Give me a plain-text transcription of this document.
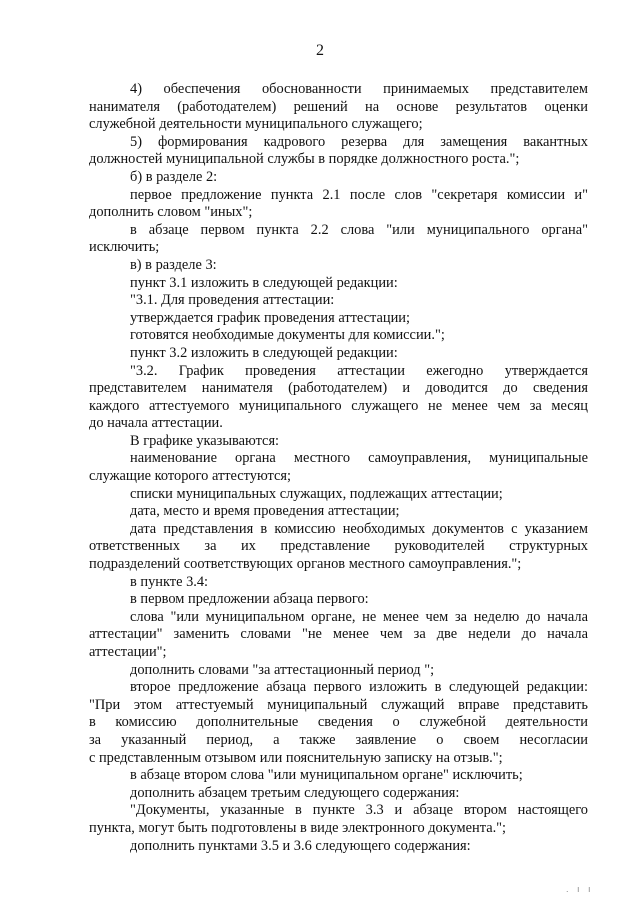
2

4) обеспечения обоснованности принимаемых представителем

нанимателя (работодателем) решений на основе результатов оценки

служебной деятельности муниципального служащего;

5) формирования кадрового резерва для замещения вакантных

должностей муниципальной службы в порядке должностного роста.";

б) в разделе 2:

первое предложение пункта 2.1 после слов "секретаря комиссии и"

дополнить словом "иных";

в абзаце первом пункта 2.2 слова "или муниципального органа"

исключить;

в) в разделе 3:

пункт 3.1 изложить в следующей редакции:

"3.1. Для проведения аттестации:

утверждается график проведения аттестации;

готовятся необходимые документы для комиссии.";

пункт 3.2 изложить в следующей редакции:

"3.2. График проведения аттестации ежегодно утверждается

представителем нанимателя (работодателем) и доводится до сведения

каждого аттестуемого муниципального служащего не менее чем за месяц

до начала аттестации.

В графике указываются:

наименование органа местного самоуправления, муниципальные

служащие которого аттестуются;

списки муниципальных служащих, подлежащих аттестации;

дата, место и время проведения аттестации;

дата представления в комиссию необходимых документов с указанием

ответственных за их представление руководителей структурных

подразделений соответствующих органов местного самоуправления.";

в пункте 3.4:

в первом предложении абзаца первого:

слова "или муниципальном органе, не менее чем за неделю до начала

аттестации" заменить словами "не менее чем за две недели до начала

аттестации";

дополнить словами "за аттестационный период ";

второе предложение абзаца первого изложить в следующей редакции:

"При этом аттестуемый муниципальный служащий вправе представить

в комиссию дополнительные сведения о служебной деятельности

за указанный период, а также заявление о своем несогласии

с представленным отзывом или пояснительную записку на отзыв.";

в абзаце втором слова "или муниципальном органе" исключить;

дополнить абзацем третьим следующего содержания:

"Документы, указанные в пункте 3.3 и абзаце втором настоящего

пункта, могут быть подготовлены в виде электронного документа.";

дополнить пунктами 3.5 и 3.6 следующего содержания:

. ı ı
